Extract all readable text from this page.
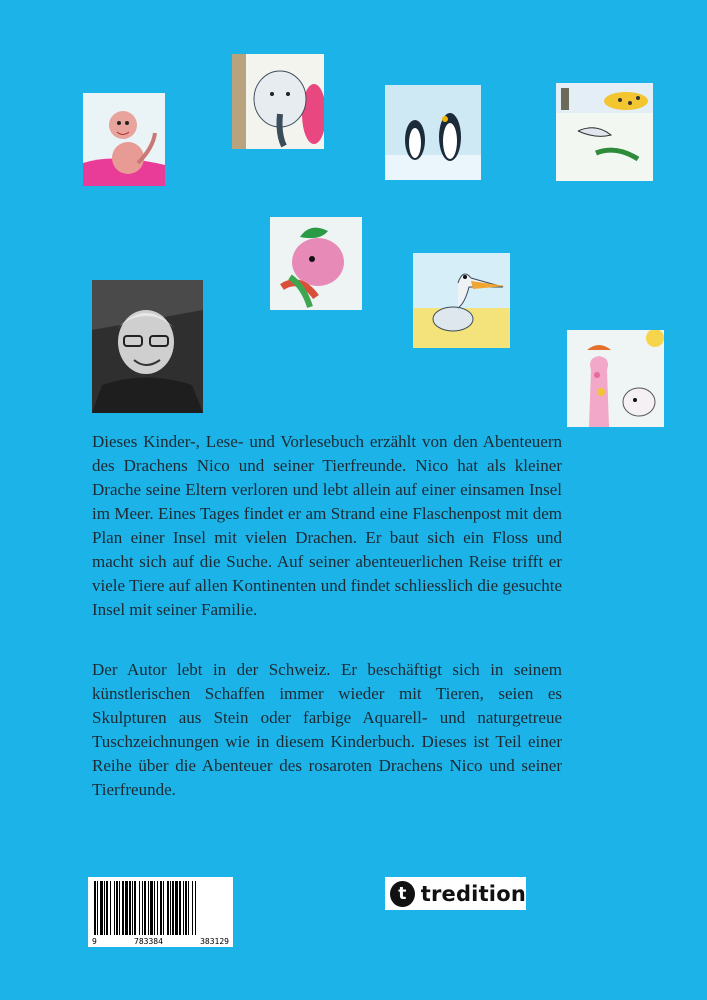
Dieses Kinder-, Lese- und Vorlesebuch erzählt von den Abenteuern des Drachens Nico und seiner Tierfreunde. Nico hat als kleiner Drache seine Eltern verloren und lebt allein auf einer einsamen Insel im Meer. Eines Tages findet er am Strand eine Flaschenpost mit dem Plan einer Insel mit vielen Drachen. Er baut sich ein Floss und macht sich auf die Suche. Auf seiner abenteuerlichen Reise trifft er viele Tiere auf allen Kontinenten und findet schliesslich die gesuchte Insel mit seiner Familie.

Der Autor lebt in der Schweiz. Er beschäftigt sich in seinem künstlerischen Schaffen immer wieder mit Tieren, seien es Skulpturen aus Stein oder farbige Aquarell- und naturgetreue Tuschzeichnungen wie in diesem Kinderbuch. Dieses ist Teil einer Reihe über die Abenteuer des rosaroten Drachens Nico und seiner Tierfreunde.

9	783384	383129
t tredition
